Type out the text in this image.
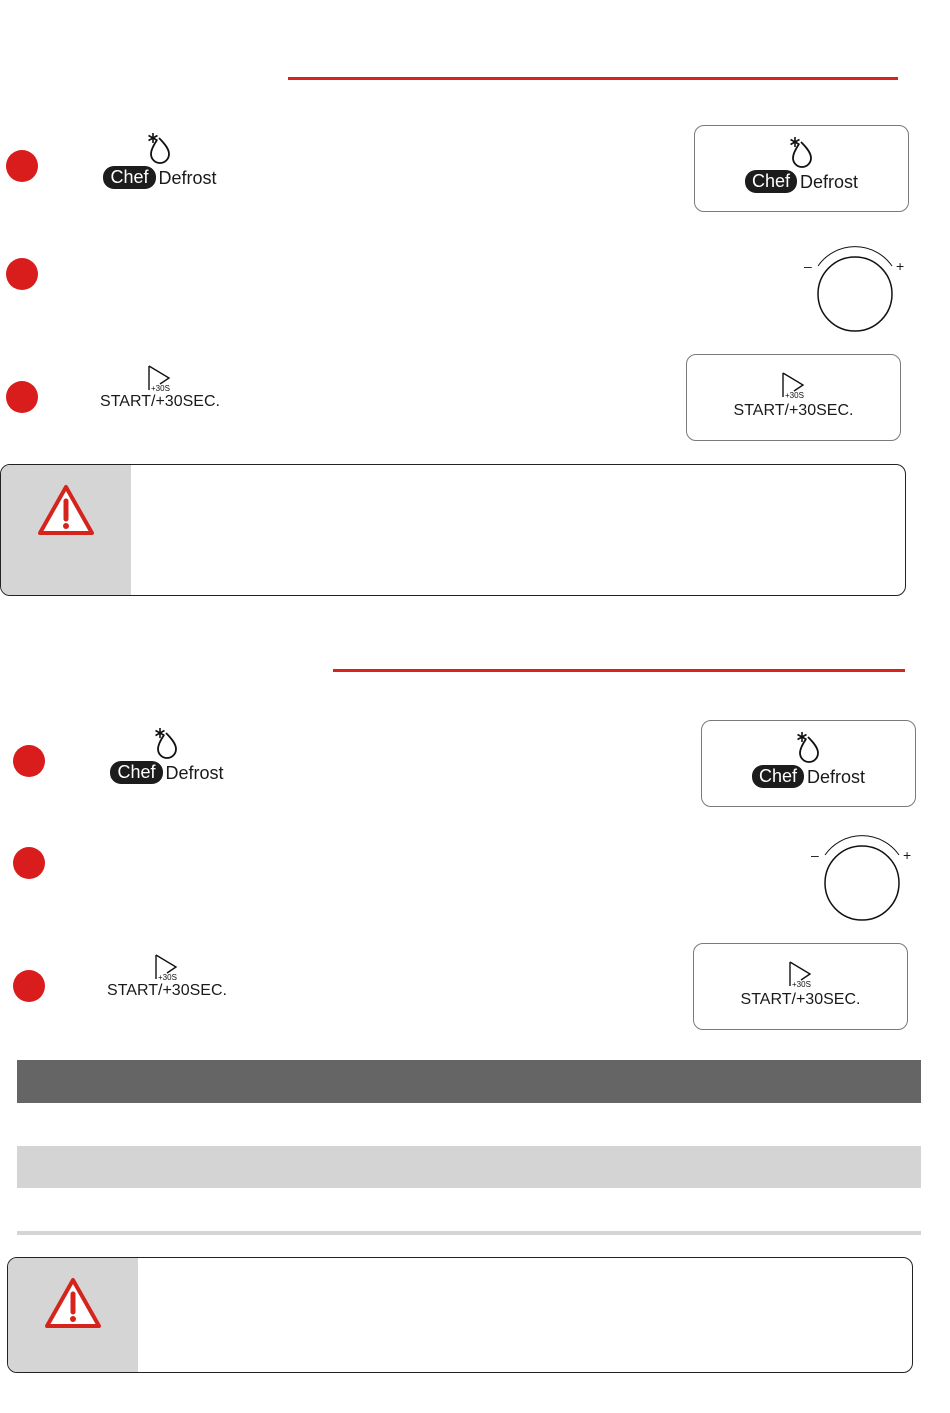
Chef Defrost	Chef Defrost
–	+
+30S
START/+30SEC.	+30S
START/+30SEC.
Chef Defrost	Chef Defrost
–	+
+30S
START/+30SEC.	+30S
START/+30SEC.
